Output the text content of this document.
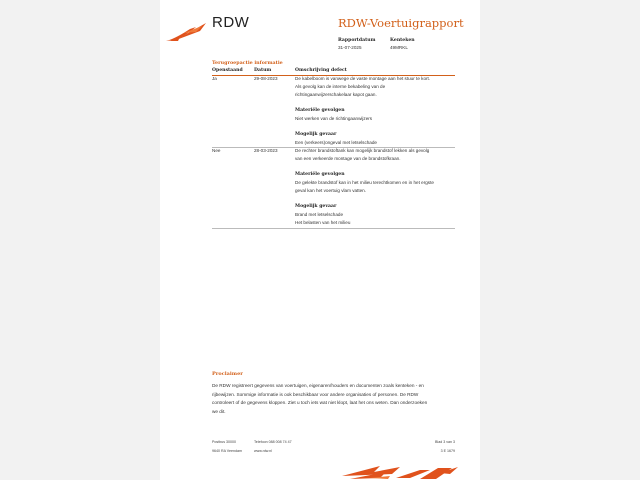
RDW	RDW-Voertuigrapport
Rapportdatum
31-07-2025
Kenteken
49MRKL
Terugroepactie informatie
Openstaand Datum	Omschrijving defect
Ja	29-08-2023	De kabelboom is vanwege de vaste montage aan het stuur te kort.
Als gevolg kan de interne bekabeling van de
richtingaanwijzerschakelaar kapot gaan.
Materiële gevolgen
Niet werken van de richtingaanwijzers
Mogelijk gevaar
Een (verkeers)ongeval met letselschade
Nee	28-03-2023	De rechter brandstoftank kan mogelijk brandstof lekken als gevolg
van een verkeerde montage van de brandstofkraan.
Materiële gevolgen
De gelekte brandstof kan in het milieu terechtkomen en in het ergste
geval kan het voertuig vlam vatten.
Mogelijk gevaar
Brand met letselschade
Het belasten van het milieu
Proclaimer
De RDW registreert gegevens van voertuigen, eigenaren/houders en documenten zoals kenteken - en
rijbewijzen. Sommige informatie is ook beschikbaar voor andere organisaties of personen. De RDW
controleert of de gegevens kloppen. Ziet u toch iets wat niet klopt, laat het ons weten. Dan onderzoeken
we dit.
Postbus 30000
9640 RA Veendam
Telefoon 088 008 74 47
www.rdw.nl
Blad 3 van 3
3 E 1679
